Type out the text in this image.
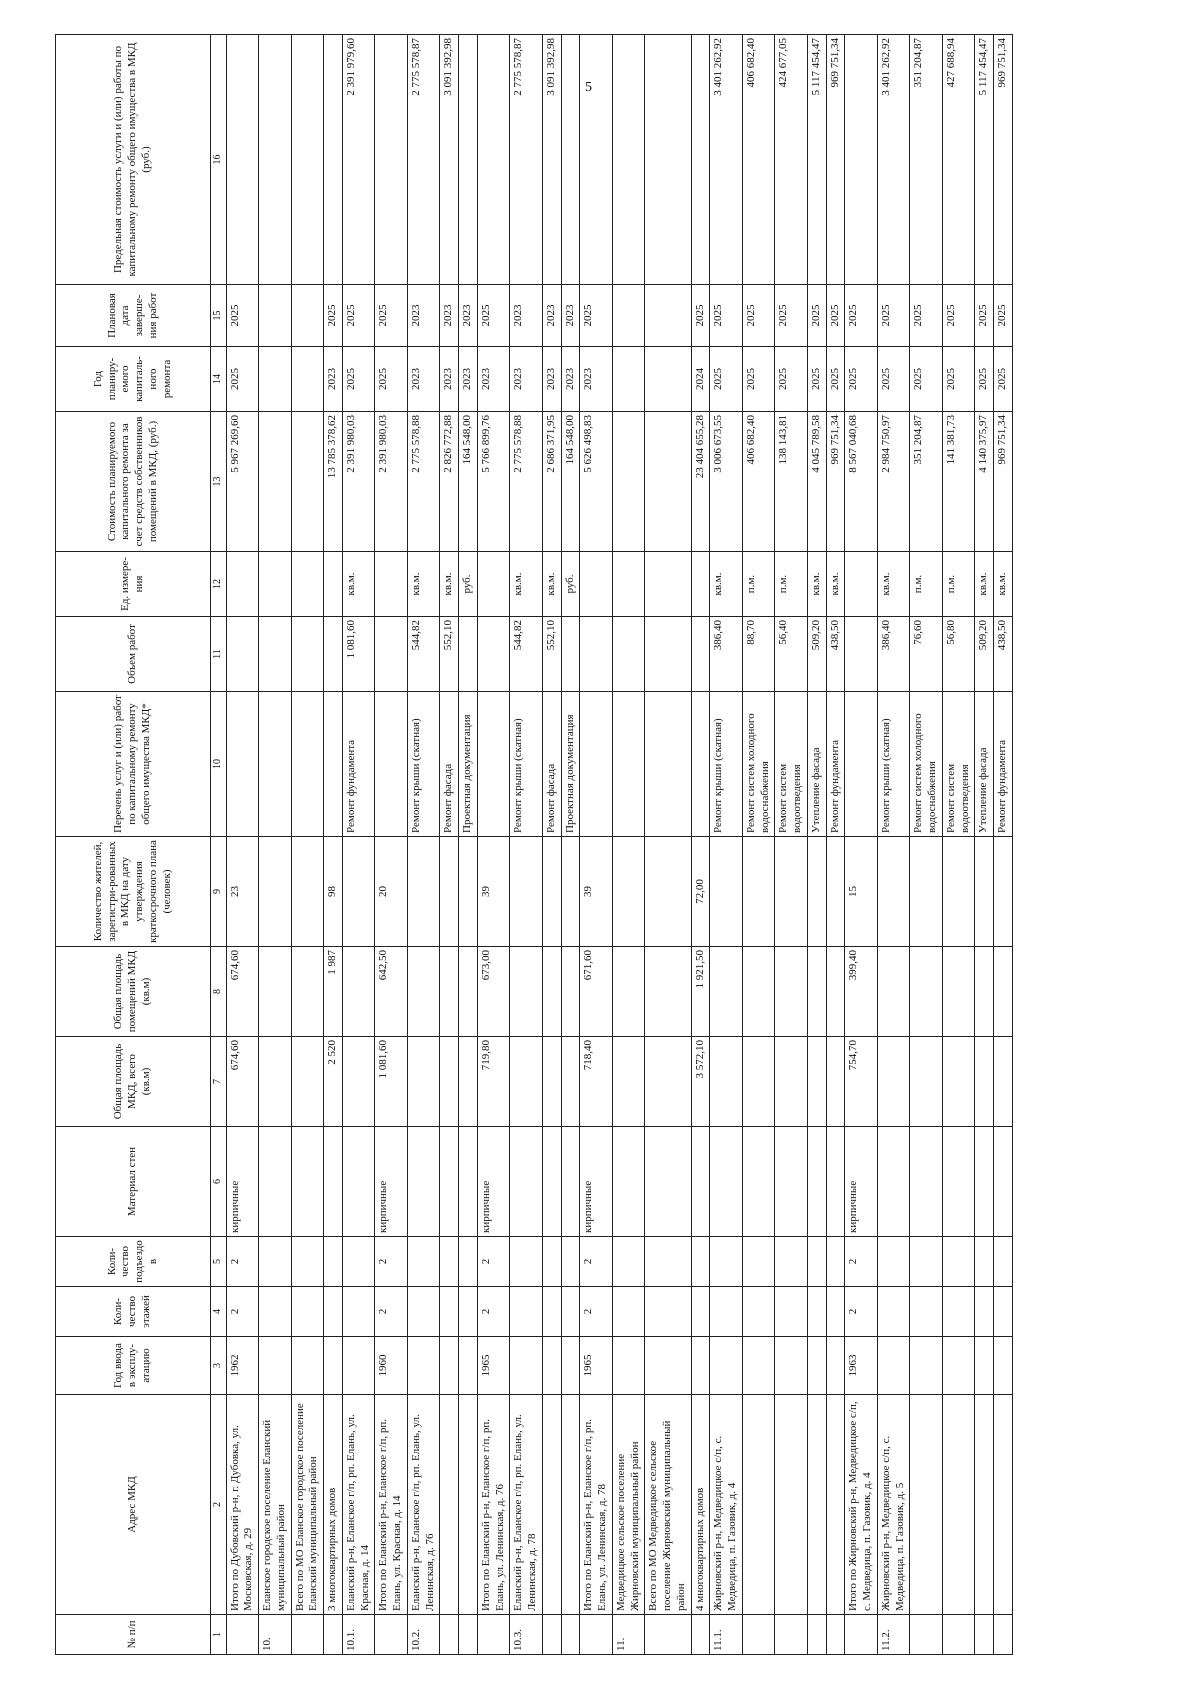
5
№ п/п	Адрес МКД	Год ввода в эксплу-атацию	Коли-чество этажей	Коли-чество подъездо в	Материал стен	Общая площадь МКД, всего (кв.м)	Общая площадь помещений МКД (кв.м)	Количество жителей, зарегистри-рованных в МКД на дату утверждения краткосрочного плана (человек)	Перечень услуг и (или) работ по капитальному ремонту общего имущества МКД*	Объем работ	Ед. измере-ния	Стоимость планируемого капитального ремонта за счет средств собственников помещений в МКД, (руб.)	Год планиру-емого капиталь-ного ремонта	Плановая дата заверше-ния работ	Предельная стоимость услуги и (или) работы по капитальному ремонту общего имущества в МКД (руб.)
1	2	3	4	5	6	7	8	9	10	11	12	13	14	15	16
	Итого по Дубовский р-н, г. Дубовка, ул. Московская, д. 29	1962	2	2	кирпичные	674,60	674,60	23				5 967 269,60	2025	2025	
10.	Еланское городское поселение Еланский муниципальный район														
	Всего по МО Еланское городское поселение Еланский муниципальный район														
	3 многоквартирных домов					2 520	1 987	98				13 785 378,62	2023	2025	
10.1.	Еланский р-н, Еланское г/п, рп. Елань, ул. Красная, д. 14								Ремонт фундамента	1 081,60	кв.м.	2 391 980,03	2025	2025	2 391 979,60
	Итого по Еланский р-н, Еланское г/п, рп. Елань, ул. Красная, д. 14	1960	2	2	кирпичные	1 081,60	642,50	20				2 391 980,03	2025	2025	
10.2.	Еланский р-н, Еланское г/п, рп. Елань, ул. Ленинская, д. 76								Ремонт крыши (скатная)	544,82	кв.м.	2 775 578,88	2023	2023	2 775 578,87
									Ремонт фасада	552,10	кв.м.	2 826 772,88	2023	2023	3 091 392,98
									Проектная документация		руб.	164 548,00	2023	2023	
	Итого по Еланский р-н, Еланское г/п, рп. Елань, ул. Ленинская, д. 76	1965	2	2	кирпичные	719,80	673,00	39				5 766 899,76	2023	2025	
10.3.	Еланский р-н, Еланское г/п, рп. Елань, ул. Ленинская, д. 78								Ремонт крыши (скатная)	544,82	кв.м.	2 775 578,88	2023	2023	2 775 578,87
									Ремонт фасада	552,10	кв.м.	2 686 371,95	2023	2023	3 091 392,98
									Проектная документация		руб.	164 548,00	2023	2023	
	Итого по Еланский р-н, Еланское г/п, рп. Елань, ул. Ленинская, д. 78	1965	2	2	кирпичные	718,40	671,60	39				5 626 498,83	2023	2025	
11.	Медведицкое сельское поселение Жирновский муниципальный район														
	Всего по МО Медведицкое сельское поселение Жирновский муниципальный район														
	4 многоквартирных домов					3 572,10	1 921,50	72,00				23 404 655,28	2024	2025	
11.1.	Жирновский р-н, Медведицкое с/п, с. Медведица, п. Газовик, д. 4								Ремонт крыши (скатная)	386,40	кв.м.	3 006 673,55	2025	2025	3 401 262,92
									Ремонт систем холодного водоснабжения	88,70	п.м.	406 682,40	2025	2025	406 682,40
									Ремонт систем водоотведения	56,40	п.м.	138 143,81	2025	2025	424 677,05
									Утепление фасада	509,20	кв.м.	4 045 789,58	2025	2025	5 117 454,47
									Ремонт фундамента	438,50	кв.м.	969 751,34	2025	2025	969 751,34
	Итого по Жирновский р-н, Медведицкое с/п, с. Медведица, п. Газовик, д. 4	1963	2	2	кирпичные	754,70	399,40	15				8 567 040,68	2025	2025	
11.2.	Жирновский р-н, Медведицкое с/п, с. Медведица, п. Газовик, д. 5								Ремонт крыши (скатная)	386,40	кв.м.	2 984 750,97	2025	2025	3 401 262,92
									Ремонт систем холодного водоснабжения	76,60	п.м.	351 204,87	2025	2025	351 204,87
									Ремонт систем водоотведения	56,80	п.м.	141 381,73	2025	2025	427 688,94
									Утепление фасада	509,20	кв.м.	4 140 375,97	2025	2025	5 117 454,47
									Ремонт фундамента	438,50	кв.м.	969 751,34	2025	2025	969 751,34
